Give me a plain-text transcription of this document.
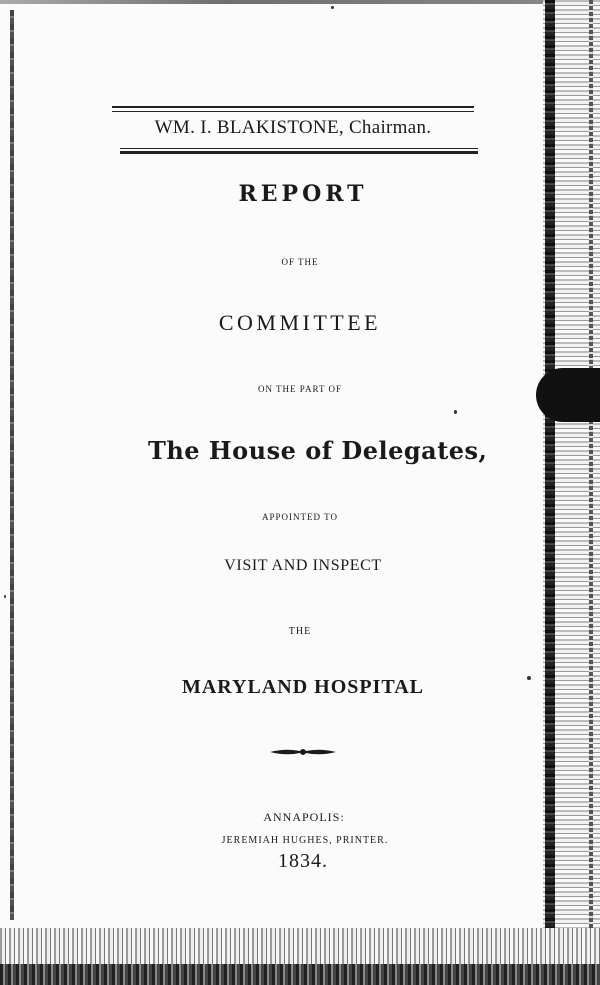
WM. I. BLAKISTONE, Chairman.
REPORT
OF THE
COMMITTEE
ON THE PART OF
The House of Delegates,
APPOINTED TO
VISIT AND INSPECT
THE
MARYLAND HOSPITAL
ANNAPOLIS:
JEREMIAH HUGHES, PRINTER.
1834.
